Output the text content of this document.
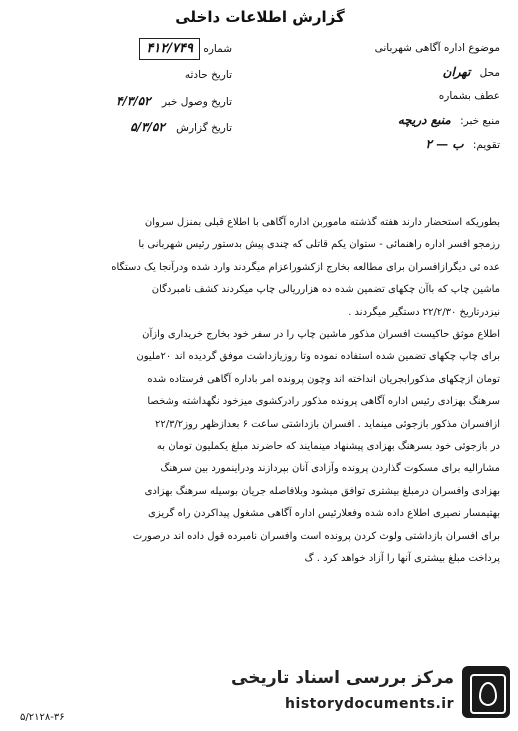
گزارش اطلاعات داخلی
موضوع اداره آگاهی شهربانی
محل تهران
عطف بشماره
منبع خبر: منبع دریچه
تقویم: ب — ۲
شماره ۴۱۲/۷۴۹
تاریخ حادثه
تاریخ وصول خبر ۴/۳/۵۲
تاریخ گزارش ۵/۳/۵۲

بطوریکه استحضار دارند هفته گذشته ماموربن اداره آگاهی با اطلاع قبلی بمنزل سروان

رزمجو افسر اداره راهنمائی - ستوان یکم قاتلی که چندی پیش بدستور رئیس شهربانی با

عده ئی دیگرازافسران برای مطالعه بخارج ازکشوراعزام میگردند وارد شده ودرآنجا یک دستگاه

ماشین چاپ که باآن چکهای تضمین شده ده هزارریالی چاپ میکردند کشف نامبردگان

نیزدرتاریخ ۲۲/۲/۳۰ دستگیر میگردند .

اطلاع موثق حاکیست افسران مذکور ماشین چاپ را در سفر خود بخارج خریداری وازآن

برای چاپ چکهای تضمین شده استفاده نموده وتا روزیازداشت موفق گردیده اند ۲۰ملیون

تومان ازچکهای مذکورابجریان انداخته اند وچون پرونده امر باداره آگاهی فرستاده شده

سرهنگ بهزادی رئیس اداره آگاهی پرونده مذکور رادرکشوی میزخود نگهداشته وشخصا

ازافسران مذکور بازجوئی مینماید . افسران بازداشتی ساعت ۶ بعدازظهر روز۲۲/۳/۲

در بازجوئی خود بسرهنگ بهزادی پیشنهاد مینمایند که حاضرند مبلغ یکملیون تومان به

مشارالیه برای مسکوت گذاردن پرونده وآزادی آنان بپردازند ودراینمورد بین سرهنگ

بهزادی وافسران درمبلغ بیشتری توافق میشود وبلافاصله جریان بوسیله سرهنگ بهزادی

بهتیمسار نصیری اطلاع داده شده وفعلارئیس اداره آگاهی مشغول پیداکردن راه گریزی

برای افسران بازداشتی ولوث کردن پرونده است وافسران نامبرده قول داده اند درصورت

پرداخت مبلغ بیشتری آنها را آزاد خواهد کرد . گ

مرکز بررسی اسناد تاریخی
historydocuments.ir
۵/۲۱۲۸-۳۶
